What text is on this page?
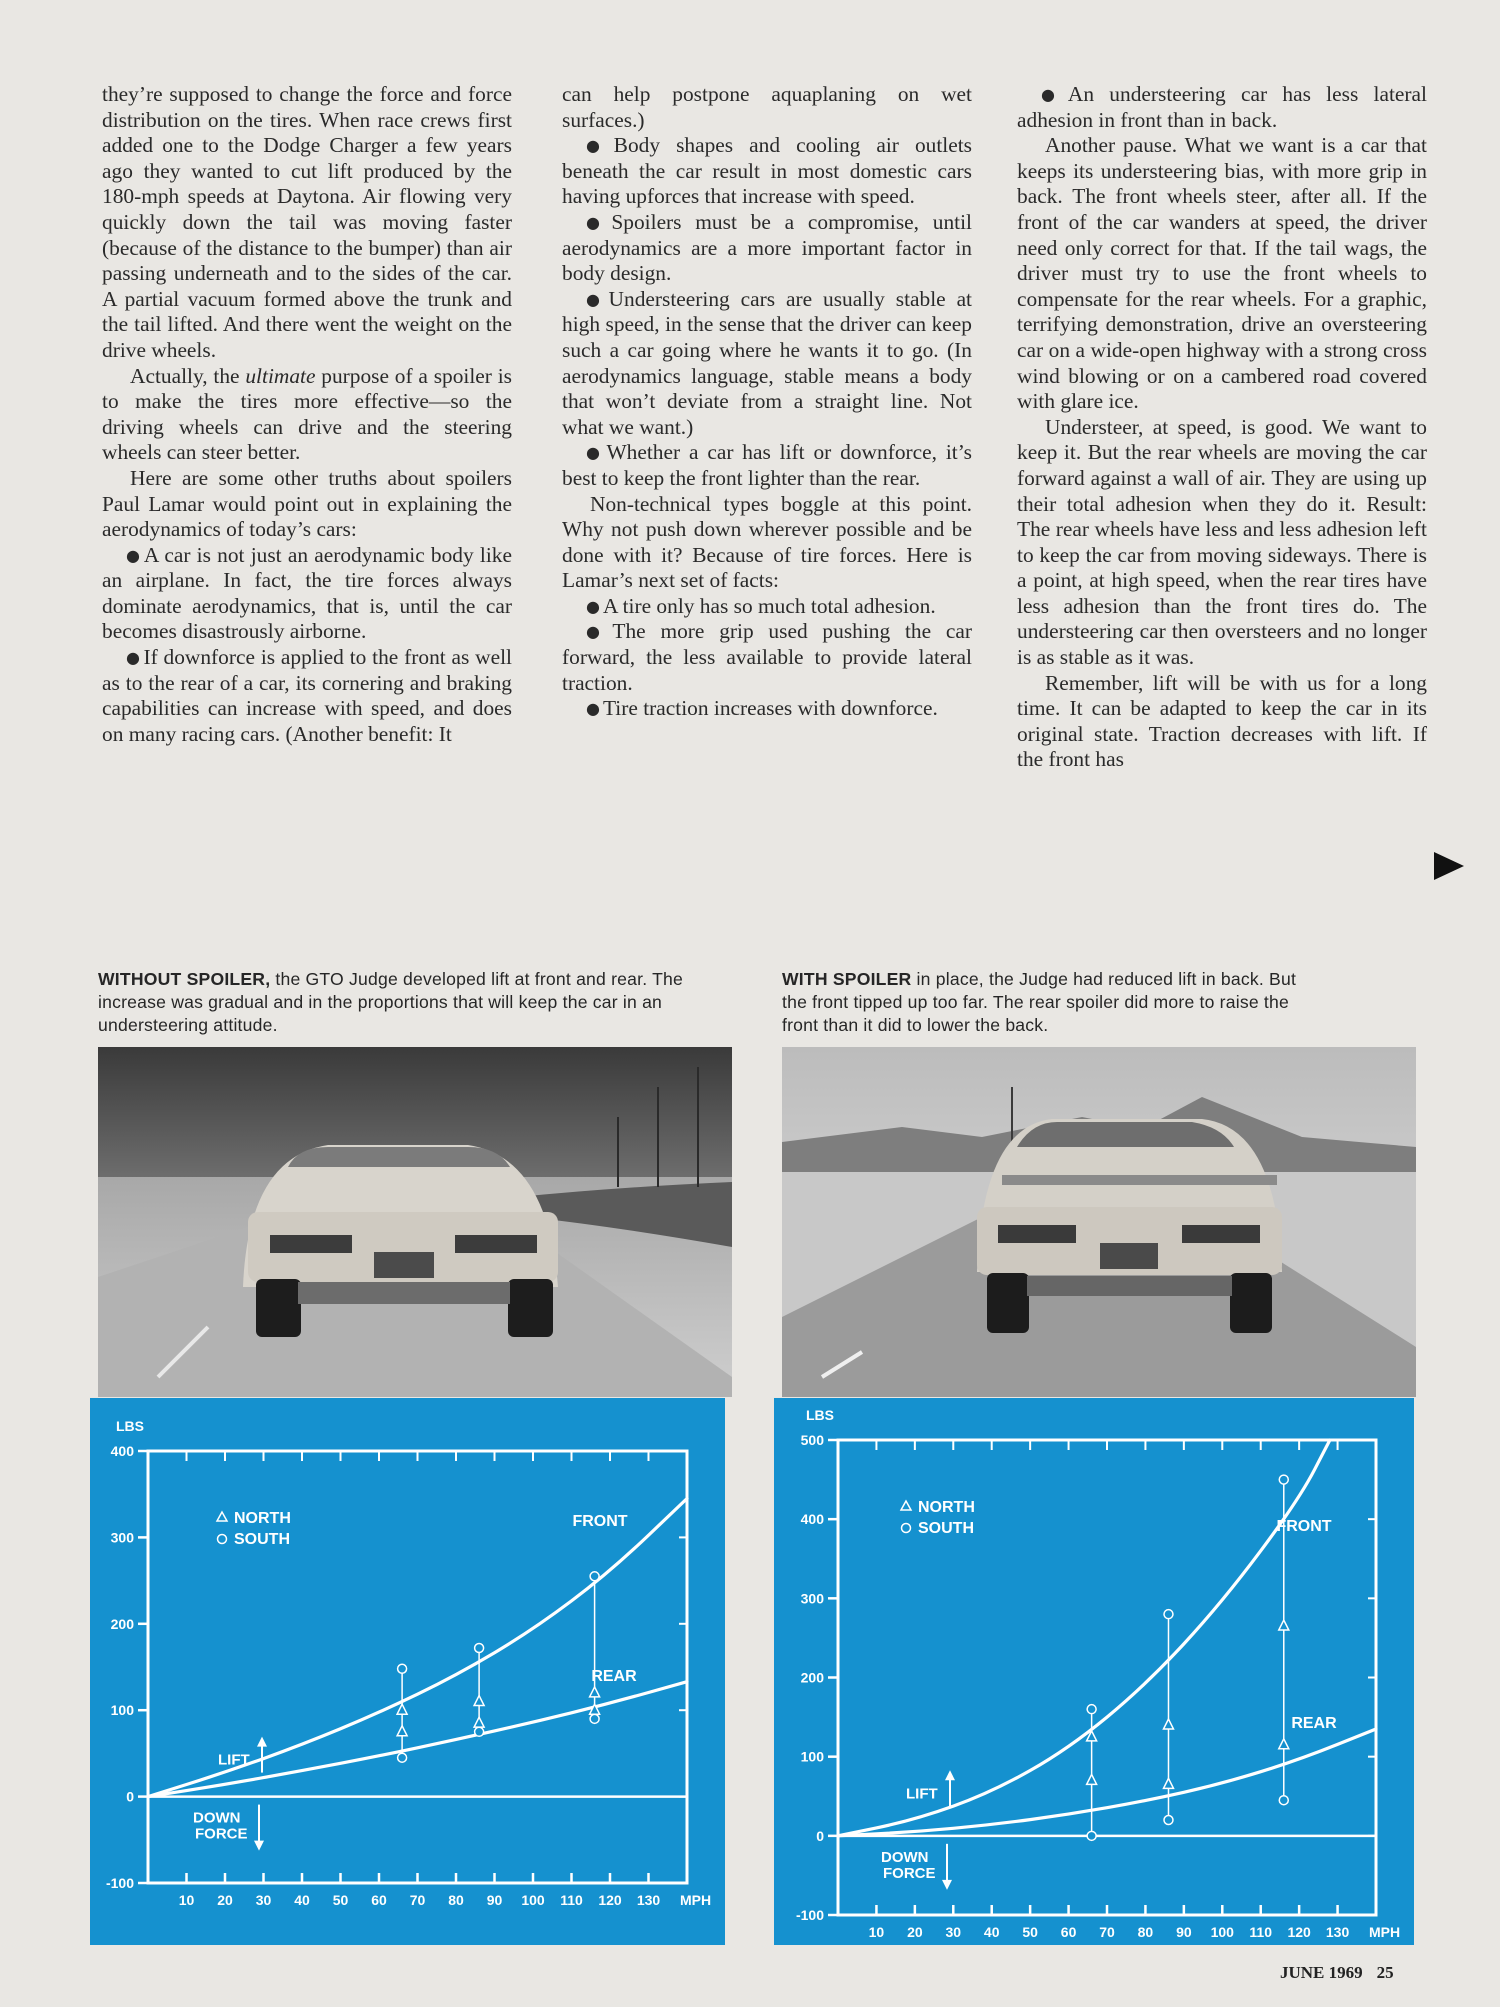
they’re supposed to change the force and force distribution on the tires. When race crews first added one to the Dodge Charger a few years ago they wanted to cut lift produced by the 180-mph speeds at Daytona. Air flowing very quickly down the tail was moving faster (because of the distance to the bumper) than air passing underneath and to the sides of the car. A partial vacuum formed above the trunk and the tail lifted. And there went the weight on the drive wheels.

Actually, the ultimate purpose of a spoiler is to make the tires more effective—so the driving wheels can drive and the steering wheels can steer better.

Here are some other truths about spoilers Paul Lamar would point out in explaining the aerodynamics of today’s cars:

● A car is not just an aerodynamic body like an airplane. In fact, the tire forces always dominate aerodynamics, that is, until the car becomes disastrously airborne.

● If downforce is applied to the front as well as to the rear of a car, its cornering and braking capabilities can increase with speed, and does on many racing cars. (Another benefit: It

can help postpone aquaplaning on wet surfaces.)

● Body shapes and cooling air outlets beneath the car result in most domestic cars having upforces that increase with speed.

● Spoilers must be a compromise, until aerodynamics are a more important factor in body design.

● Understeering cars are usually stable at high speed, in the sense that the driver can keep such a car going where he wants it to go. (In aerodynamics language, stable means a body that won’t deviate from a straight line. Not what we want.)

● Whether a car has lift or downforce, it’s best to keep the front lighter than the rear.

Non-technical types boggle at this point. Why not push down wherever possible and be done with it? Because of tire forces. Here is Lamar’s next set of facts:

● A tire only has so much total adhesion.

● The more grip used pushing the car forward, the less available to provide lateral traction.

● Tire traction increases with downforce.

● An understeering car has less lateral adhesion in front than in back.

Another pause. What we want is a car that keeps its understeering bias, with more grip in back. The front wheels steer, after all. If the front of the car wanders at speed, the driver need only correct for that. If the tail wags, the driver must try to use the front wheels to compensate for the rear wheels. For a graphic, terrifying demonstration, drive an oversteering car on a wide-open highway with a strong cross wind blowing or on a cambered road covered with glare ice.

Understeer, at speed, is good. We want to keep it. But the rear wheels are moving the car forward against a wall of air. They are using up their total adhesion when they do it. Result: The rear wheels have less and less adhesion left to keep the car from moving sideways. There is a point, at high speed, when the rear tires have less adhesion than the front tires do. The understeering car then oversteers and no longer is as stable as it was.

Remember, lift will be with us for a long time. It can be adapted to keep the car in its original state. Traction decreases with lift. If the front has

WITHOUT SPOILER, the GTO Judge developed lift at front and rear. The increase was gradual and in the proportions that will keep the car in an understeering attitude.
WITH SPOILER in place, the Judge had reduced lift in back. But the front tipped up too far. The rear spoiler did more to raise the front than it did to lower the back.
400
300
200
100
0
-100
10 20 30 40 50 60 70 80 90 100 110 120 130 MPH
LBS
NORTH
SOUTH
LIFT
DOWN
FORCE
FRONT
REAR
500
400
300
200
100
0
-100
10 20 30 40 50 60 70 80 90 100 110 120 130 MPH
LBS
NORTH
SOUTH
LIFT
DOWN
FORCE
FRONT
REAR
JUNE 1969 25
